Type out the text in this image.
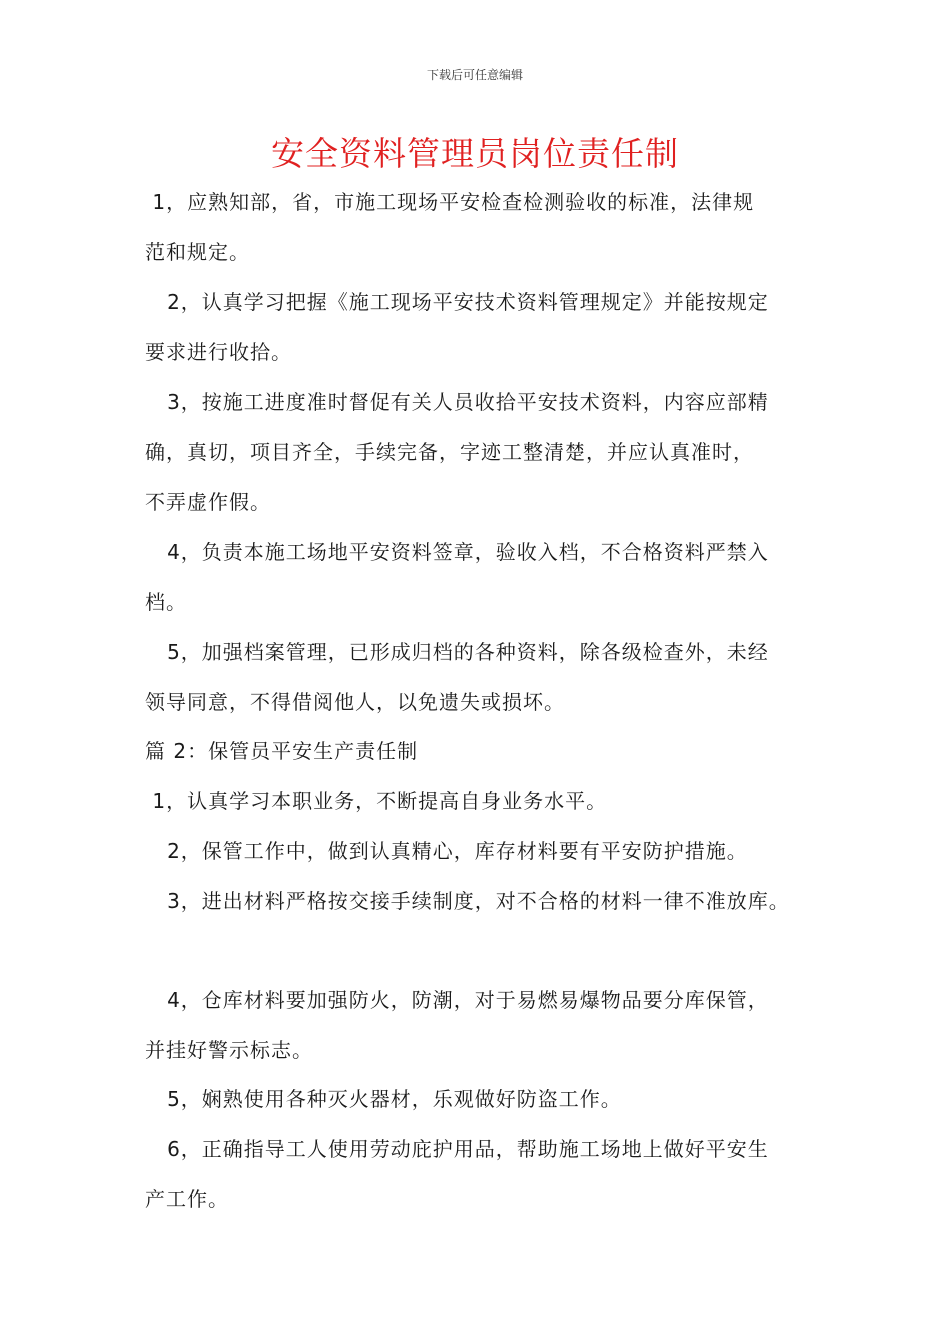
下载后可任意编辑
安全资料管理员岗位责任制
1，应熟知部，省，市施工现场平安检查检测验收的标准，法律规
范和规定。
2，认真学习把握《施工现场平安技术资料管理规定》并能按规定
要求进行收拾。
3，按施工进度准时督促有关人员收拾平安技术资料，内容应部精
确，真切，项目齐全，手续完备，字迹工整清楚，并应认真准时，
不弄虚作假。
4，负责本施工场地平安资料签章，验收入档，不合格资料严禁入
档。
5，加强档案管理，已形成归档的各种资料，除各级检查外，未经
领导同意，不得借阅他人，以免遗失或损坏。
篇 2：保管员平安生产责任制
1，认真学习本职业务，不断提高自身业务水平。
2，保管工作中，做到认真精心，库存材料要有平安防护措施。
3，进出材料严格按交接手续制度，对不合格的材料一律不准放库。
4，仓库材料要加强防火，防潮，对于易燃易爆物品要分库保管，
并挂好警示标志。
5，娴熟使用各种灭火器材，乐观做好防盗工作。
6，正确指导工人使用劳动庇护用品，帮助施工场地上做好平安生
产工作。
